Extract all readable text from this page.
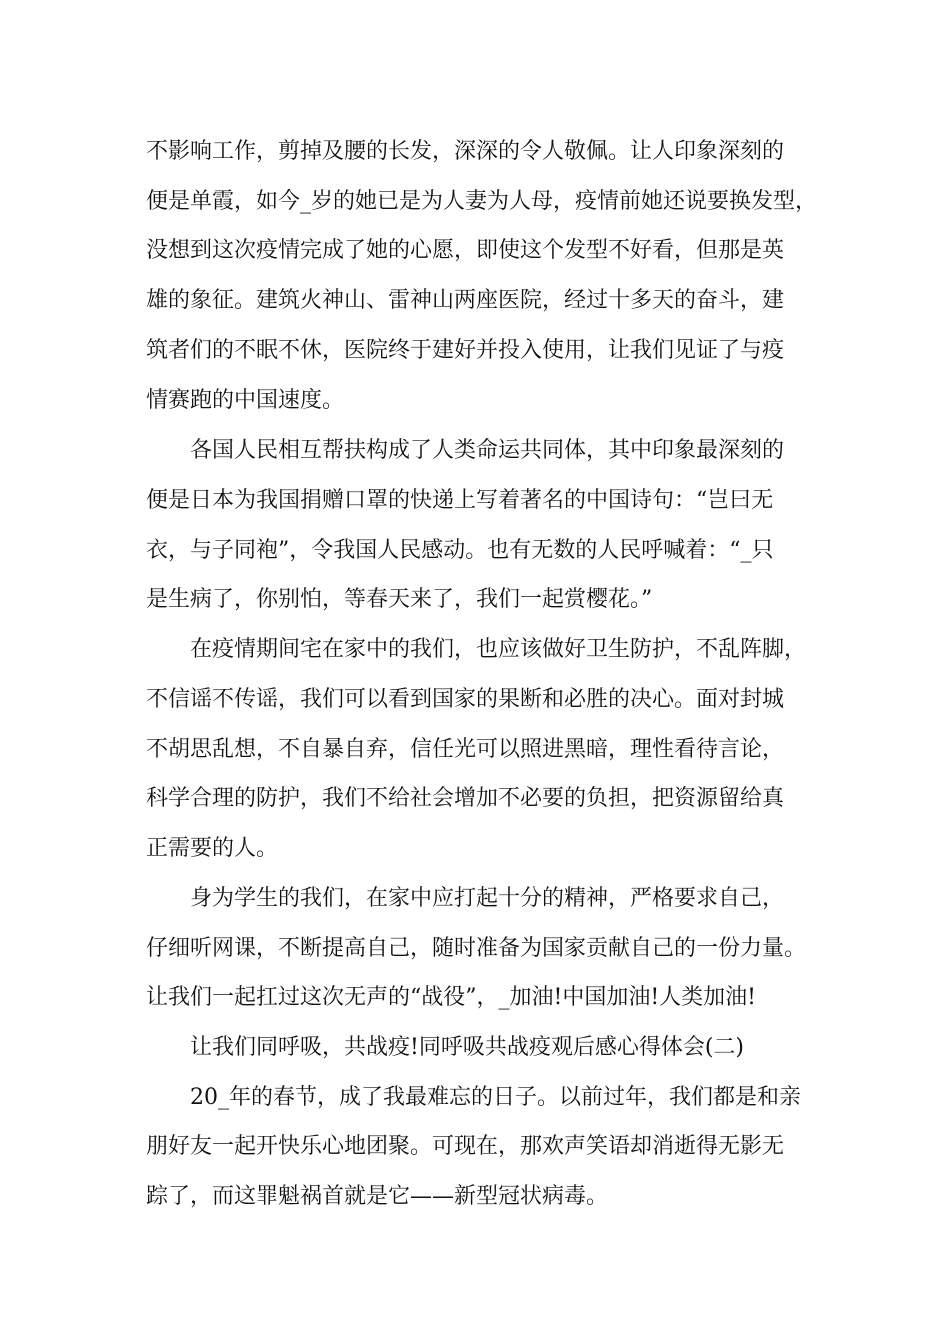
不影响工作，剪掉及腰的长发，深深的令人敬佩。让人印象深刻的

便是单霞，如今_岁的她已是为人妻为人母，疫情前她还说要换发型，

没想到这次疫情完成了她的心愿，即使这个发型不好看，但那是英

雄的象征。建筑火神山、雷神山两座医院，经过十多天的奋斗，建

筑者们的不眠不休，医院终于建好并投入使用，让我们见证了与疫

情赛跑的中国速度。

各国人民相互帮扶构成了人类命运共同体，其中印象最深刻的

便是日本为我国捐赠口罩的快递上写着著名的中国诗句：“岂曰无

衣，与子同袍”，令我国人民感动。也有无数的人民呼喊着：“_只

是生病了，你别怕，等春天来了，我们一起赏樱花。”

在疫情期间宅在家中的我们，也应该做好卫生防护，不乱阵脚，

不信谣不传谣，我们可以看到国家的果断和必胜的决心。面对封城

不胡思乱想，不自暴自弃，信任光可以照进黑暗，理性看待言论，

科学合理的防护，我们不给社会增加不必要的负担，把资源留给真

正需要的人。

身为学生的我们，在家中应打起十分的精神，严格要求自己，

仔细听网课，不断提高自己，随时准备为国家贡献自己的一份力量。

让我们一起扛过这次无声的“战役”，_加油!中国加油!人类加油!

让我们同呼吸，共战疫!同呼吸共战疫观后感心得体会(二)

20_年的春节，成了我最难忘的日子。以前过年，我们都是和亲

朋好友一起开快乐心地团聚。可现在，那欢声笑语却消逝得无影无

踪了，而这罪魁祸首就是它——新型冠状病毒。
